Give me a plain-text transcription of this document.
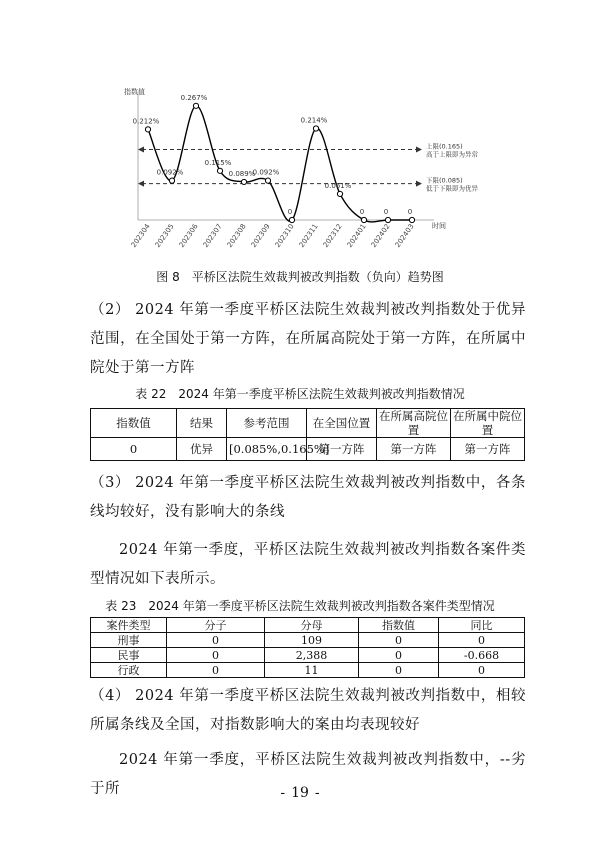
指数值
时间
202304 202305 202306 202307 202308 202309 202310 202311 202312 202401 202402 202403
上限(0.165)
高于上限即为异常
下限(0.085)
低于下限即为优异
0.212%
0.092%
0.267%
0.115%
0.089%
0.092%
0
0.214%
0.061%
0	0	0
图 8　平桥区法院生效裁判被改判指数（负向）趋势图
（2） 2024 年第一季度平桥区法院生效裁判被改判指数处于优异范围，在全国处于第一方阵，在所属高院处于第一方阵，在所属中院处于第一方阵
表 22　2024 年第一季度平桥区法院生效裁判被改判指数情况
指数值	结果	参考范围	在全国位置	在所属高院位置	在所属中院位置
0	优异	[0.085%,0.165%]	第一方阵	第一方阵	第一方阵
（3） 2024 年第一季度平桥区法院生效裁判被改判指数中，各条线均较好，没有影响大的条线
2024 年第一季度，平桥区法院生效裁判被改判指数各案件类型情况如下表所示。
表 23　2024 年第一季度平桥区法院生效裁判被改判指数各案件类型情况
案件类型	分子	分母	指数值	同比
刑事	0	109	0	0
民事	0	2,388	0	-0.668
行政	0	11	0	0
（4） 2024 年第一季度平桥区法院生效裁判被改判指数中，相较所属条线及全国，对指数影响大的案由均表现较好
2024 年第一季度，平桥区法院生效裁判被改判指数中，--劣于所	- 19 -
